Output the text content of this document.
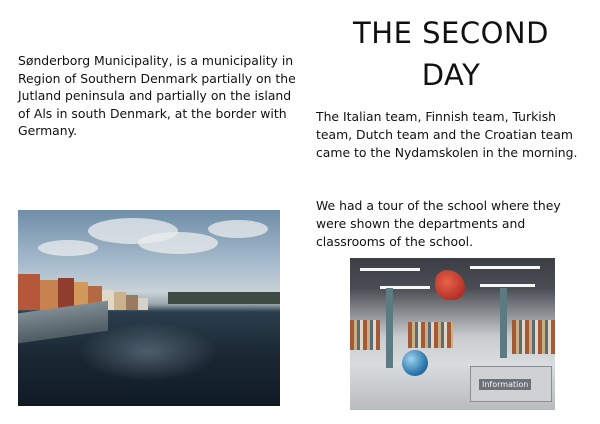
Sønderborg Municipality, is a municipality in Region of Southern Denmark partially on the Jutland peninsula and partially on the island of Als in south Denmark, at the border with Germany.

THE SECOND DAY

The Italian team, Finnish team, Turkish team, Dutch team and the Croatian team came to the Nydamskolen in the morning.

We had a tour of the school where they were shown the departments and classrooms of the school.

Information
